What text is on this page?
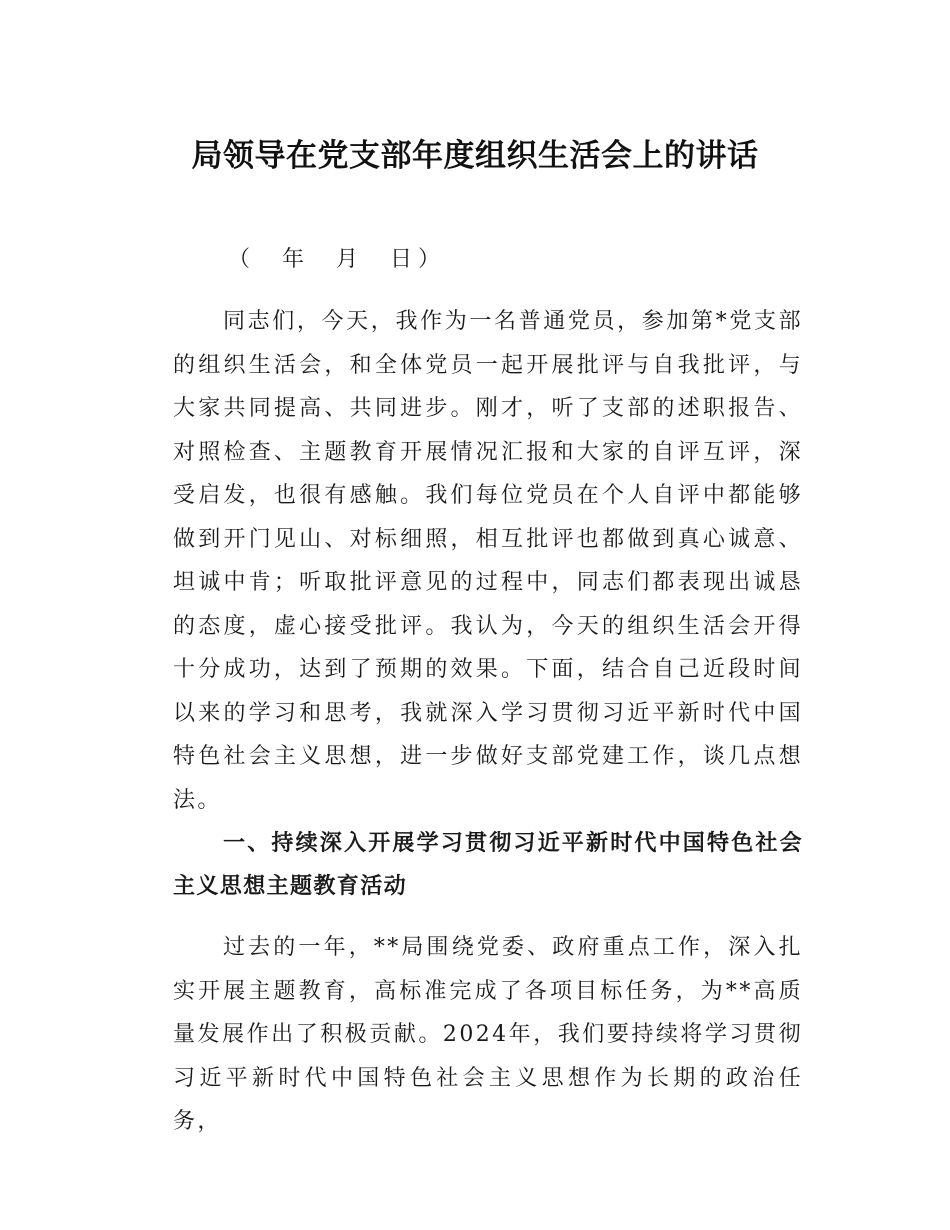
局领导在党支部年度组织生活会上的讲话
（  年  月  日）

同志们，今天，我作为一名普通党员，参加第*党支部的组织生活会，和全体党员一起开展批评与自我批评，与大家共同提高、共同进步。刚才，听了支部的述职报告、对照检查、主题教育开展情况汇报和大家的自评互评，深受启发，也很有感触。我们每位党员在个人自评中都能够做到开门见山、对标细照，相互批评也都做到真心诚意、坦诚中肯；听取批评意见的过程中，同志们都表现出诚恳的态度，虚心接受批评。我认为，今天的组织生活会开得十分成功，达到了预期的效果。下面，结合自己近段时间以来的学习和思考，我就深入学习贯彻习近平新时代中国特色社会主义思想，进一步做好支部党建工作，谈几点想法。

一、持续深入开展学习贯彻习近平新时代中国特色社会主义思想主题教育活动

过去的一年，**局围绕党委、政府重点工作，深入扎实开展主题教育，高标准完成了各项目标任务，为**高质量发展作出了积极贡献。2024年，我们要持续将学习贯彻习近平新时代中国特色社会主义思想作为长期的政治任务，
